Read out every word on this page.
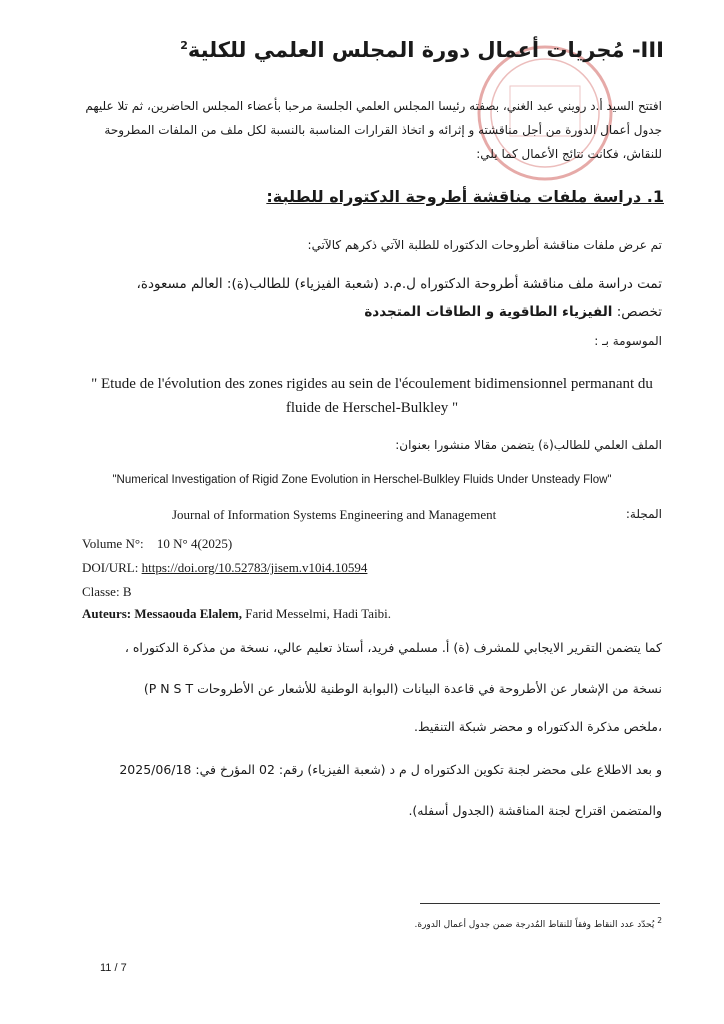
III- مُجريات أعمال دورة المجلس العلمي للكلية$^2$
افتتح السيد أ.د رويني عبد الغني، بصفته رئيسا المجلس العلمي الجلسة مرحبا بأعضاء المجلس الحاضرين، ثم تلا عليهم
جدول أعمال الدورة من أجل مناقشته و إثرائه و اتخاذ القرارات المناسبة بالنسبة لكل ملف من الملفات المطروحة
للنقاش، فكانت نتائج الأعمال كما يلي:
1. دراسة ملفات مناقشة أطروحة الدكتوراه للطلبة:
تم عرض ملفات مناقشة أطروحات الدكتوراه للطلبة الآتي ذكرهم كالآتي:
تمت دراسة ملف مناقشة أطروحة الدكتوراه ل.م.د (شعبة الفيزياء) للطالب(ة): العالم مسعودة،
تخصص: الفيزياء الطاقوية و الطاقات المتجددة
الموسومة بـ :
" Etude de l'évolution des zones rigides au sein de l'écoulement bidimensionnel permanant du fluide de Herschel-Bulkley "
الملف العلمي للطالب(ة) يتضمن مقالا منشورا بعنوان:
"Numerical Investigation of Rigid Zone Evolution in Herschel-Bulkley Fluids Under Unsteady Flow"
المجلة:
Journal of Information Systems Engineering and Management
Volume N°: 10 N° 4(2025)
DOI/URL: https://doi.org/10.52783/jisem.v10i4.10594
Classe: B
Auteurs: Messaouda Elalem, Farid Messelmi, Hadi Taibi.
كما يتضمن التقرير الايجابي للمشرف (ة) أ. مسلمي فريد، أستاذ تعليم عالي، نسخة من مذكرة الدكتوراه ،
نسخة من الإشعار عن الأطروحة في قاعدة البيانات (البوابة الوطنية للأشعار عن الأطروحات P N S T)
،ملخص مذكرة الدكتوراه و محضر شبكة التنقيط.
و بعد الاطلاع على محضر لجنة تكوين الدكتوراه ل م د (شعبة الفيزياء) رقم: 02 المؤرخ في: 2025/06/18
والمتضمن اقتراح لجنة المناقشة (الجدول أسفله).
$^2$ يُحدّد عدد النقاط وفقاً للنقاط المُدرجة ضمن جدول أعمال الدورة.
11 / 7
